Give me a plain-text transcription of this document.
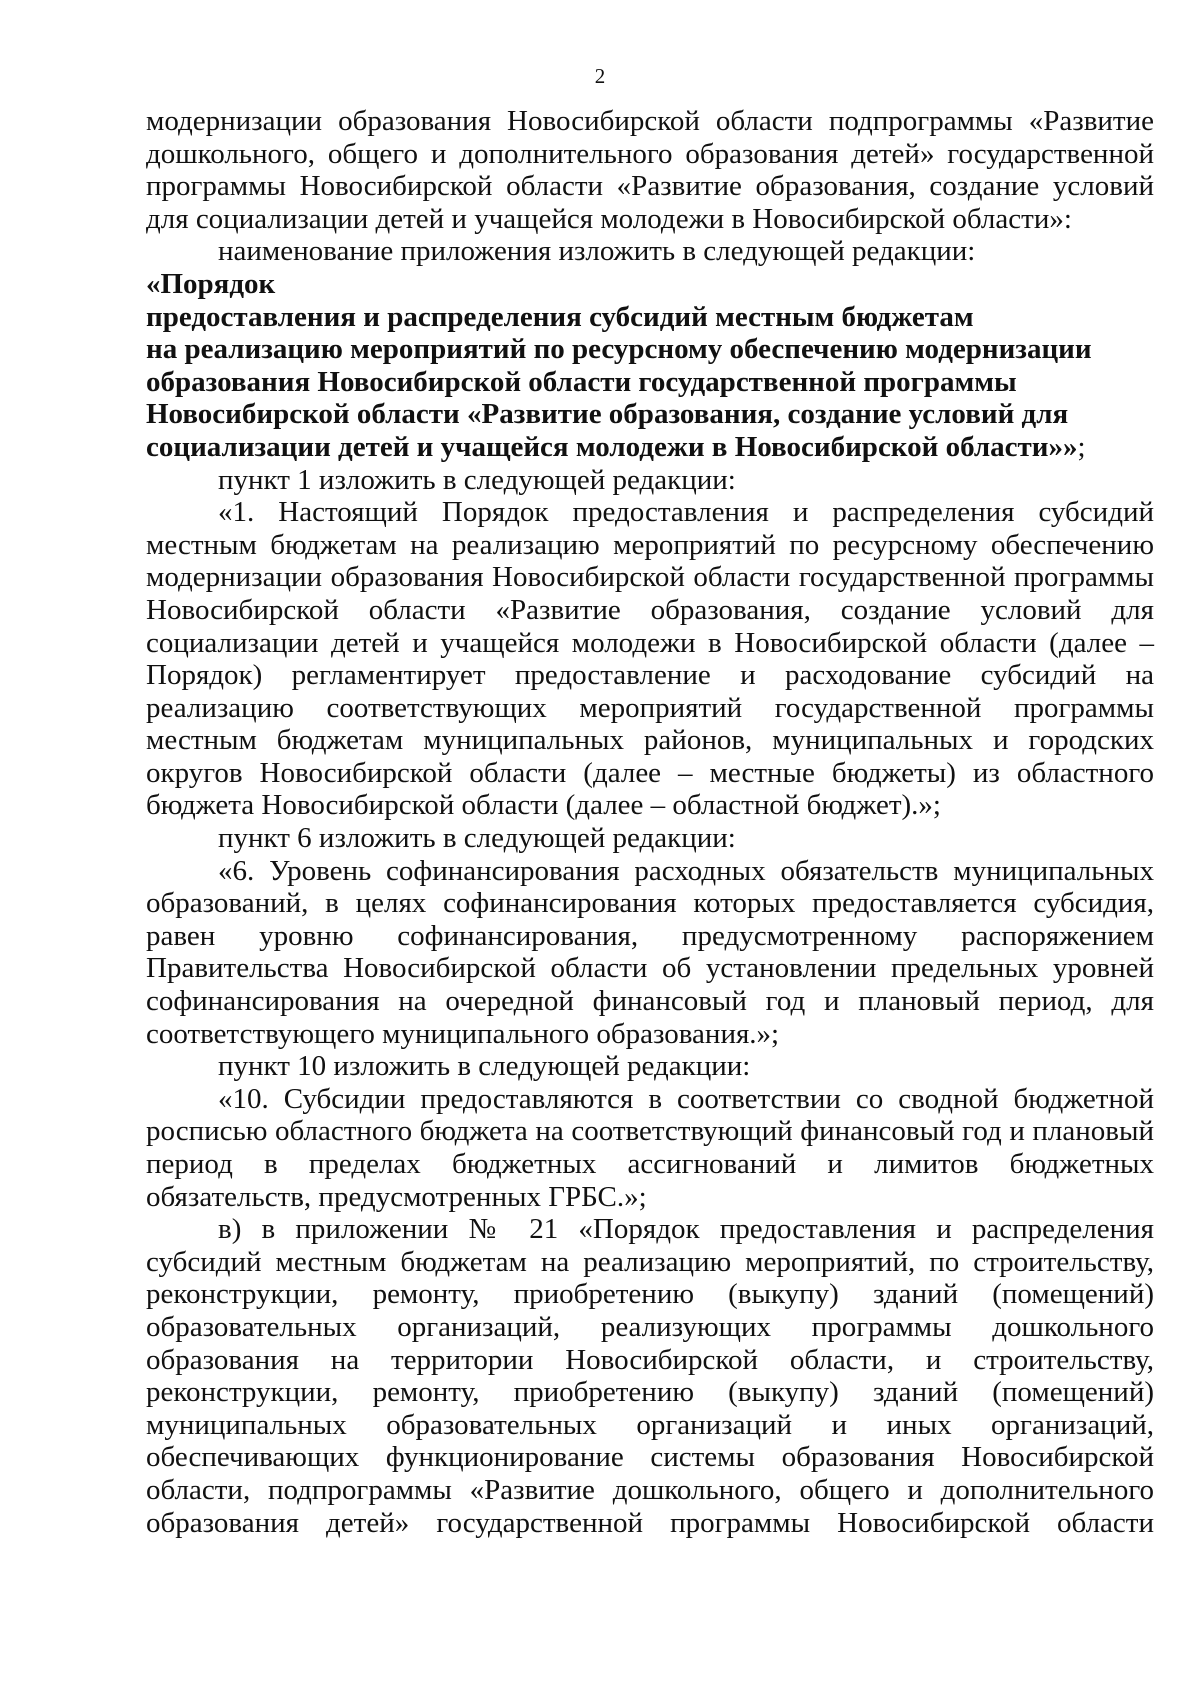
2

модернизации образования Новосибирской области подпрограммы «Развитие дошкольного, общего и дополнительного образования детей» государственной программы Новосибирской области «Развитие образования, создание условий для социализации детей и учащейся молодежи в Новосибирской области»:

наименование приложения изложить в следующей редакции:

«Порядок

предоставления и распределения субсидий местным бюджетам

на реализацию мероприятий по ресурсному обеспечению модернизации

образования Новосибирской области государственной программы

Новосибирской области «Развитие образования, создание условий для

социализации детей и учащейся молодежи в Новосибирской области»»;

пункт 1 изложить в следующей редакции:

«1. Настоящий Порядок предоставления и распределения субсидий местным бюджетам на реализацию мероприятий по ресурсному обеспечению модернизации образования Новосибирской области государственной программы Новосибирской области «Развитие образования, создание условий для социализации детей и учащейся молодежи в Новосибирской области (далее – Порядок) регламентирует предоставление и расходование субсидий на реализацию соответствующих мероприятий государственной программы местным бюджетам муниципальных районов, муниципальных и городских округов Новосибирской области (далее – местные бюджеты) из областного бюджета Новосибирской области (далее – областной бюджет).»;

пункт 6 изложить в следующей редакции:

«6. Уровень софинансирования расходных обязательств муниципальных образований, в целях софинансирования которых предоставляется субсидия, равен уровню софинансирования, предусмотренному распоряжением Правительства Новосибирской области об установлении предельных уровней софинансирования на очередной финансовый год и плановый период, для соответствующего муниципального образования.»;

пункт 10 изложить в следующей редакции:

«10. Субсидии предоставляются в соответствии со сводной бюджетной росписью областного бюджета на соответствующий финансовый год и плановый период в пределах бюджетных ассигнований и лимитов бюджетных обязательств, предусмотренных ГРБС.»;

в) в приложении № 21 «Порядок предоставления и распределения субсидий местным бюджетам на реализацию мероприятий, по строительству, реконструкции, ремонту, приобретению (выкупу) зданий (помещений) образовательных организаций, реализующих программы дошкольного образования на территории Новосибирской области, и строительству, реконструкции, ремонту, приобретению (выкупу) зданий (помещений) муниципальных образовательных организаций и иных организаций, обеспечивающих функционирование системы образования Новосибирской области, подпрограммы «Развитие дошкольного, общего и дополнительного образования детей» государственной программы Новосибирской области
